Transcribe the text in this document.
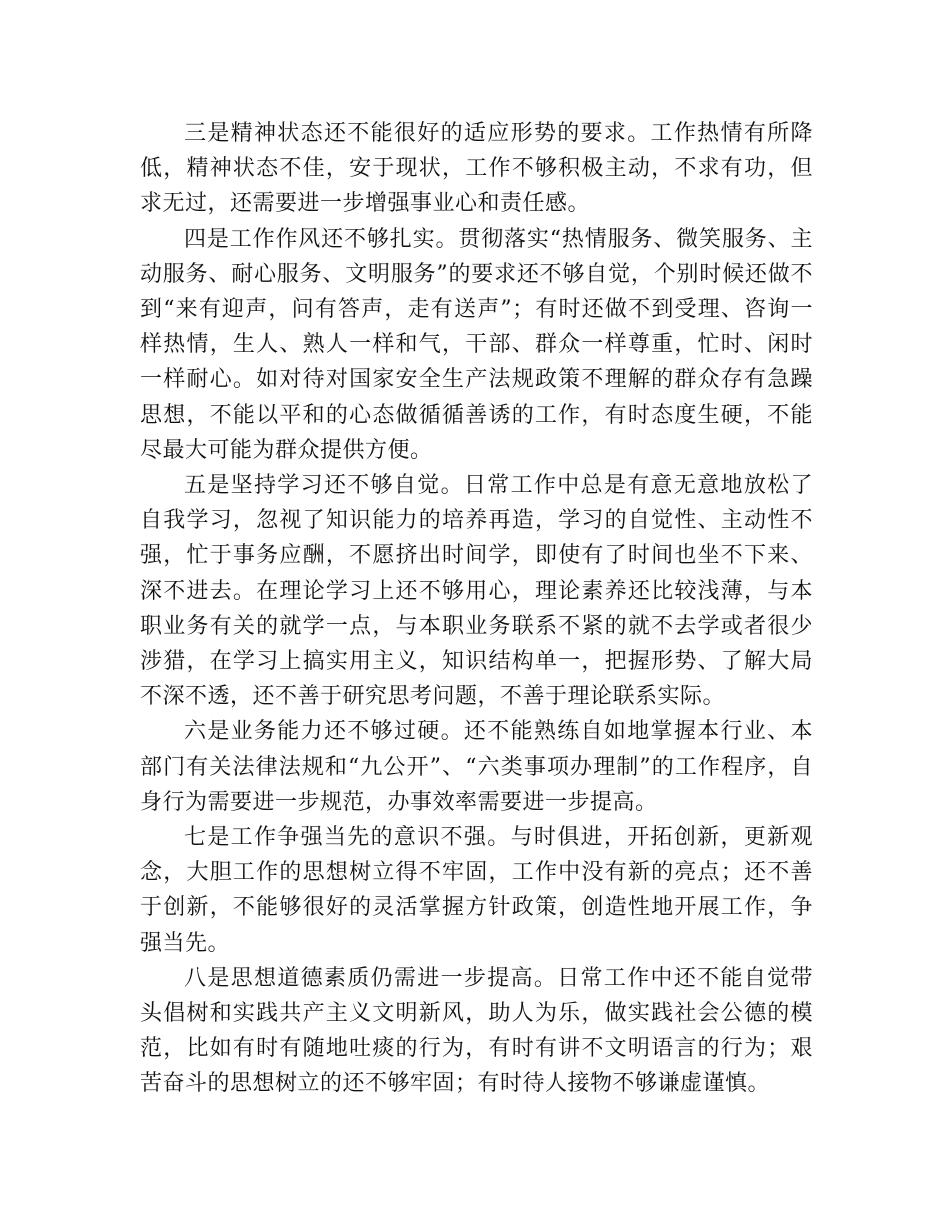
三是精神状态还不能很好的适应形势的要求。工作热情有所降低，精神状态不佳，安于现状，工作不够积极主动，不求有功，但求无过，还需要进一步增强事业心和责任感。

四是工作作风还不够扎实。贯彻落实“热情服务、微笑服务、主动服务、耐心服务、文明服务”的要求还不够自觉，个别时候还做不到“来有迎声，问有答声，走有送声”；有时还做不到受理、咨询一样热情，生人、熟人一样和气，干部、群众一样尊重，忙时、闲时一样耐心。如对待对国家安全生产法规政策不理解的群众存有急躁思想，不能以平和的心态做循循善诱的工作，有时态度生硬，不能尽最大可能为群众提供方便。

五是坚持学习还不够自觉。日常工作中总是有意无意地放松了自我学习，忽视了知识能力的培养再造，学习的自觉性、主动性不强，忙于事务应酬，不愿挤出时间学，即使有了时间也坐不下来、深不进去。在理论学习上还不够用心，理论素养还比较浅薄，与本职业务有关的就学一点，与本职业务联系不紧的就不去学或者很少涉猎，在学习上搞实用主义，知识结构单一，把握形势、了解大局不深不透，还不善于研究思考问题，不善于理论联系实际。

六是业务能力还不够过硬。还不能熟练自如地掌握本行业、本部门有关法律法规和“九公开”、“六类事项办理制”的工作程序，自身行为需要进一步规范，办事效率需要进一步提高。

七是工作争强当先的意识不强。与时俱进，开拓创新，更新观念，大胆工作的思想树立得不牢固，工作中没有新的亮点；还不善于创新，不能够很好的灵活掌握方针政策，创造性地开展工作，争强当先。

八是思想道德素质仍需进一步提高。日常工作中还不能自觉带头倡树和实践共产主义文明新风，助人为乐，做实践社会公德的模范，比如有时有随地吐痰的行为，有时有讲不文明语言的行为；艰苦奋斗的思想树立的还不够牢固；有时待人接物不够谦虚谨慎。
